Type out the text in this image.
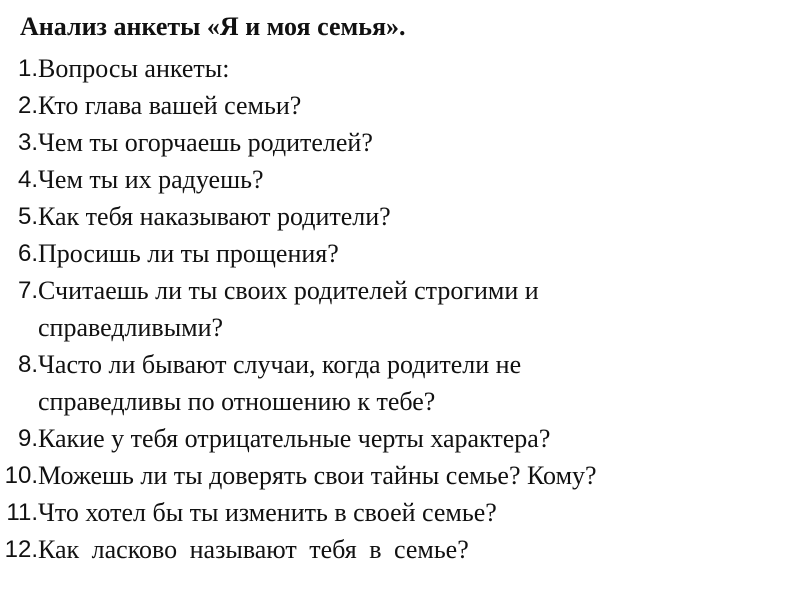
Анализ анкеты «Я и моя семья».
1. Вопросы анкеты:
2. Кто глава вашей семьи?
3. Чем ты огорчаешь родителей?
4. Чем ты их радуешь?
5. Как тебя наказывают родители?
6. Просишь ли ты прощения?
7. Считаешь ли ты своих родителей строгими и
справедливыми?
8. Часто ли бывают случаи, когда родители не
справедливы по отношению к тебе?
9. Какие у тебя отрицательные черты характера?
10. Можешь ли ты доверять свои тайны семье? Кому?
11. Что хотел бы ты изменить в своей семье?
12. Как ласково называют тебя в семье?
